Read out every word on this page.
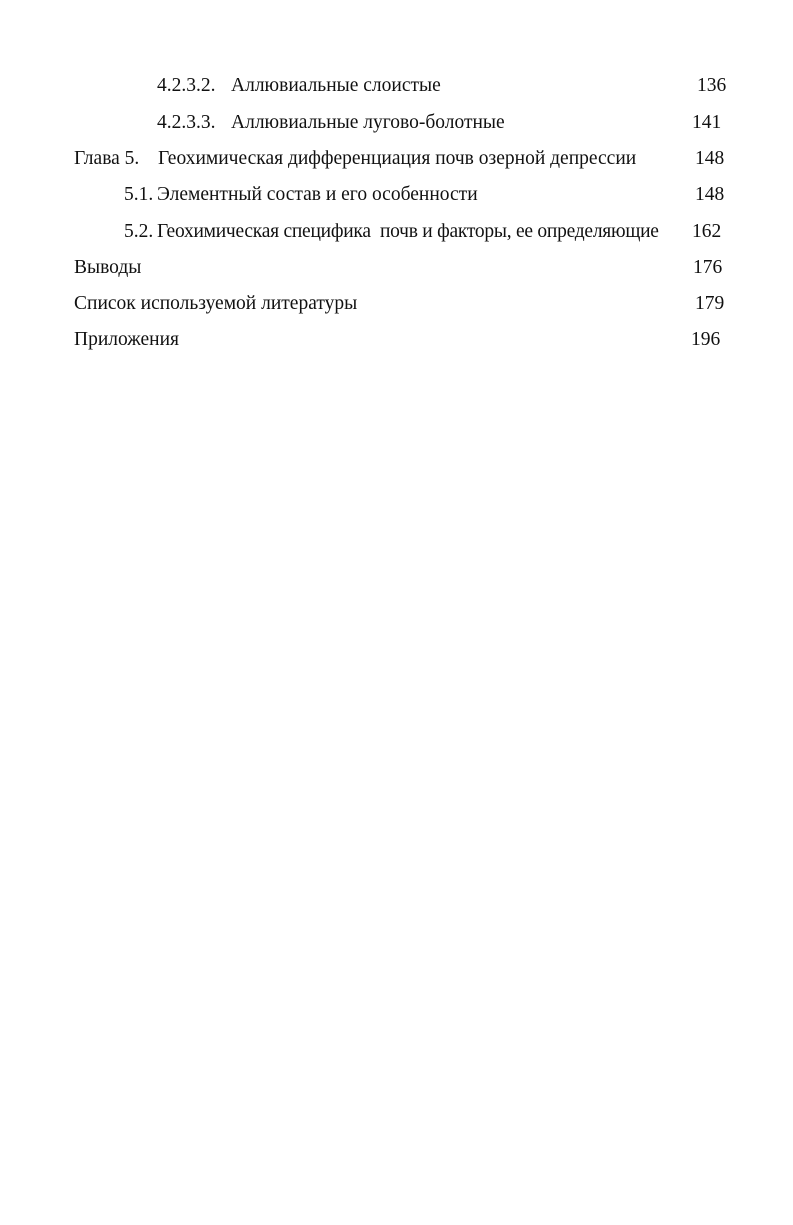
4.2.3.2. Аллювиальные слоистые	136
4.2.3.3. Аллювиальные лугово-болотные	141
Глава 5. Геохимическая дифференциация почв озерной депрессии	148
5.1. Элементный состав и его особенности	148
5.2. Геохимическая специфика  почв и факторы, ее определяющие 162
Выводы	176
Список используемой литературы	179
Приложения	196
